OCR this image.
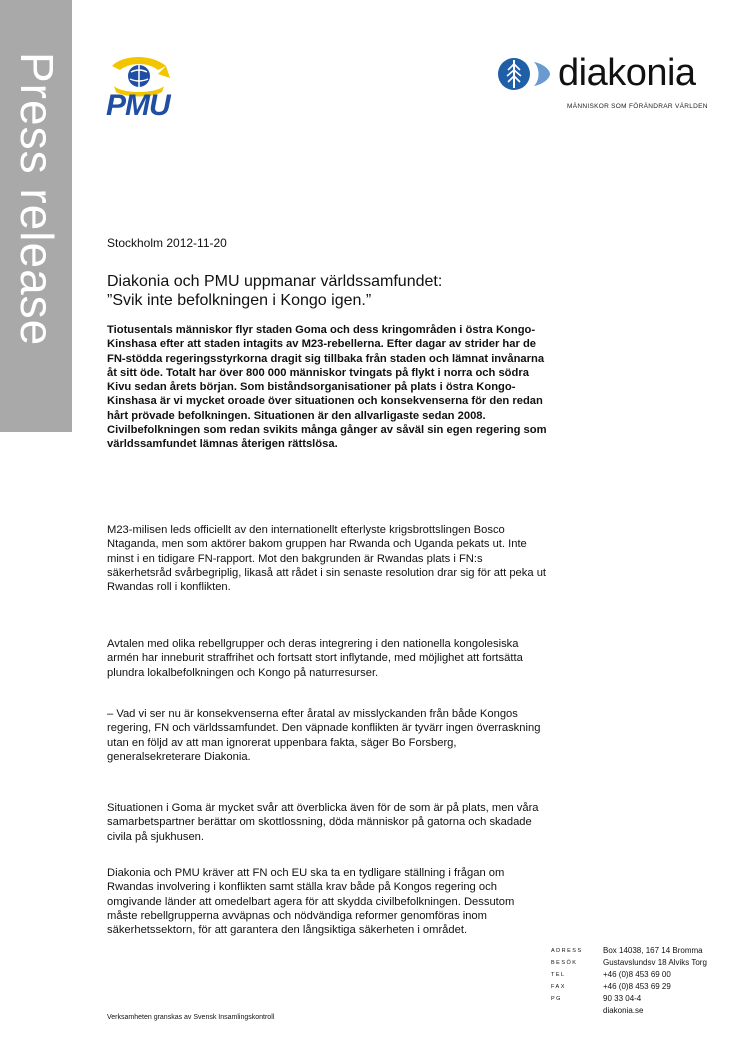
Press release PMU
diakonia
MÄNNISKOR SOM FÖRÄNDRAR VÄRLDEN
Stockholm 2012-11-20
Diakonia och PMU uppmanar världssamfundet:
”Svik inte befolkningen i Kongo igen.”

Tiotusentals människor flyr staden Goma och dess kringområden i östra Kongo-Kinshasa efter att staden intagits av M23-rebellerna. Efter dagar av strider har de FN-stödda regeringsstyrkorna dragit sig tillbaka från staden och lämnat invånarna åt sitt öde. Totalt har över 800 000 människor tvingats på flykt i norra och södra Kivu sedan årets början. Som biståndsorganisationer på plats i östra Kongo-Kinshasa är vi mycket oroade över situationen och konsekvenserna för den redan hårt prövade befolkningen. Situationen är den allvarligaste sedan 2008. Civilbefolkningen som redan svikits många gånger av såväl sin egen regering som världssamfundet lämnas återigen rättslösa.

M23-milisen leds officiellt av den internationellt efterlyste krigsbrottslingen Bosco Ntaganda, men som aktörer bakom gruppen har Rwanda och Uganda pekats ut. Inte minst i en tidigare FN-rapport. Mot den bakgrunden är Rwandas plats i FN:s säkerhetsråd svårbegriplig, likaså att rådet i sin senaste resolution drar sig för att peka ut Rwandas roll i konflikten.

Avtalen med olika rebellgrupper och deras integrering i den nationella kongolesiska armén har inneburit straffrihet och fortsatt stort inflytande, med möjlighet att fortsätta plundra lokalbefolkningen och Kongo på naturresurser.

– Vad vi ser nu är konsekvenserna efter åratal av misslyckanden från både Kongos regering, FN och världssamfundet. Den väpnade konflikten är tyvärr ingen överraskning utan en följd av att man ignorerat uppenbara fakta, säger Bo Forsberg, generalsekreterare Diakonia.

Situationen i Goma är mycket svår att överblicka även för de som är på plats, men våra samarbetspartner berättar om skottlossning, döda människor på gatorna och skadade civila på sjukhusen.

Diakonia och PMU kräver att FN och EU ska ta en tydligare ställning i frågan om Rwandas involvering i konflikten samt ställa krav både på Kongos regering och omgivande länder att omedelbart agera för att skydda civilbefolkningen. Dessutom måste rebellgrupperna avväpnas och nödvändiga reformer genomföras inom säkerhetssektorn, för att garantera den långsiktiga säkerheten i området.

ADRESS	Box 14038, 167 14 Bromma
BESÖK	Gustavslundsv 18 Alviks Torg
TEL	+46 (0)8 453 69 00
FAX	+46 (0)8 453 69 29
PG	90 33 04-4
diakonia.se
Verksamheten granskas av Svensk Insamlingskontroll
